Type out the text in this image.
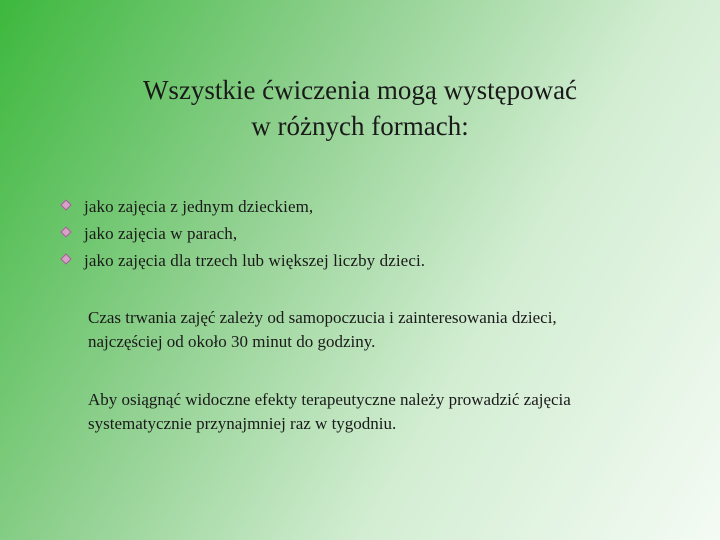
Wszystkie ćwiczenia mogą występować
w różnych formach:
jako zajęcia z jednym dzieckiem,
jako zajęcia w parach,
jako zajęcia dla trzech lub większej liczby dzieci.

Czas trwania zajęć zależy od samopoczucia i zainteresowania dzieci,
najczęściej od około 30 minut do godziny.

Aby osiągnąć widoczne efekty terapeutyczne należy prowadzić zajęcia
systematycznie przynajmniej raz w tygodniu.
